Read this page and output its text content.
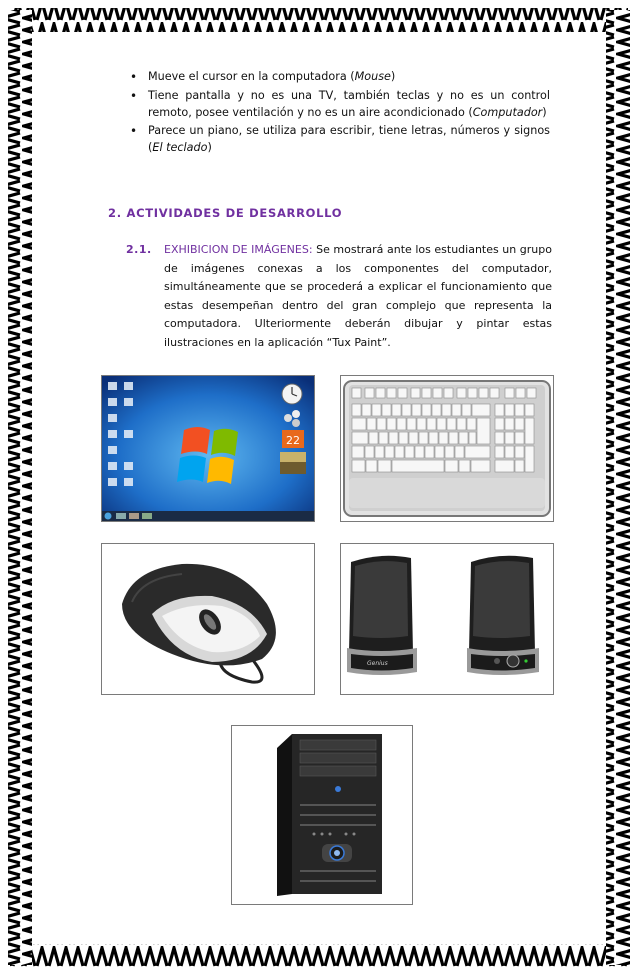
• Mueve el cursor en la computadora (Mouse)
• Tiene pantalla y no es una TV, también teclas y no es un control remoto, posee ventilación y no es un aire acondicionado (Computador)
• Parece un piano, se utiliza para escribir, tiene letras, números y signos (El teclado)
2. ACTIVIDADES DE DESARROLLO
2.1. EXHIBICION DE IMÁGENES: Se mostrará ante los estudiantes un grupo de imágenes conexas a los componentes del computador, simultáneamente que se procederá a explicar el funcionamiento que estas desempeñan dentro del gran complejo que representa la computadora. Ulteriormente deberán dibujar y pintar estas ilustraciones en la aplicación “Tux Paint”.
22
Genius
